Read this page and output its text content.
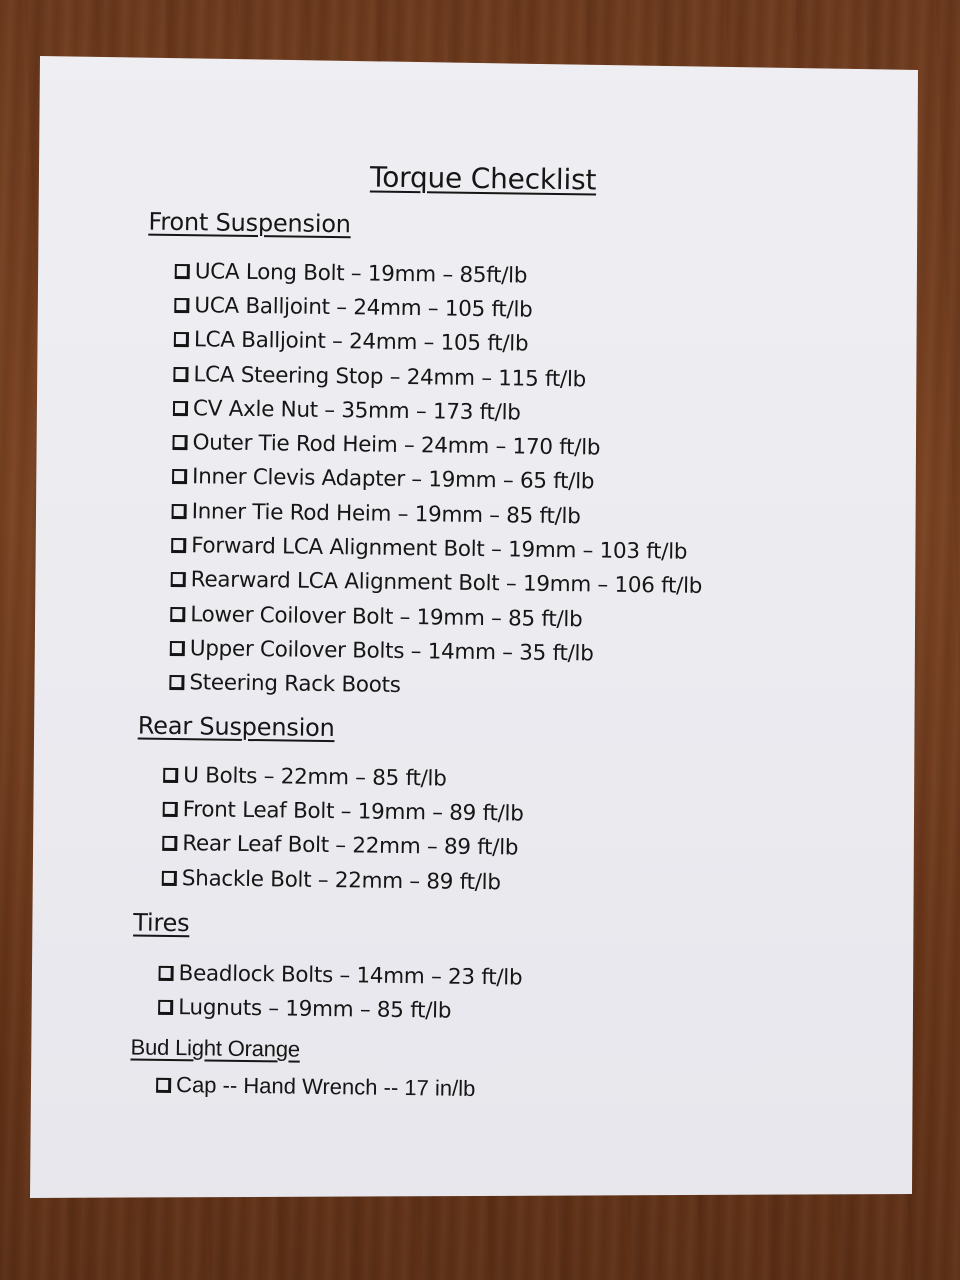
Torque Checklist
Front Suspension
UCA Long Bolt – 19mm – 85ft/lb
UCA Balljoint – 24mm – 105 ft/lb
LCA Balljoint – 24mm – 105 ft/lb
LCA Steering Stop – 24mm – 115 ft/lb
CV Axle Nut – 35mm – 173 ft/lb
Outer Tie Rod Heim – 24mm – 170 ft/lb
Inner Clevis Adapter – 19mm – 65 ft/lb
Inner Tie Rod Heim – 19mm – 85 ft/lb
Forward LCA Alignment Bolt – 19mm – 103 ft/lb
Rearward LCA Alignment Bolt – 19mm – 106 ft/lb
Lower Coilover Bolt – 19mm – 85 ft/lb
Upper Coilover Bolts – 14mm – 35 ft/lb
Steering Rack Boots
Rear Suspension
U Bolts – 22mm – 85 ft/lb
Front Leaf Bolt – 19mm – 89 ft/lb
Rear Leaf Bolt – 22mm – 89 ft/lb
Shackle Bolt – 22mm – 89 ft/lb
Tires
Beadlock Bolts – 14mm – 23 ft/lb
Lugnuts – 19mm – 85 ft/lb
Bud Light Orange
Cap -- Hand Wrench -- 17 in/lb
